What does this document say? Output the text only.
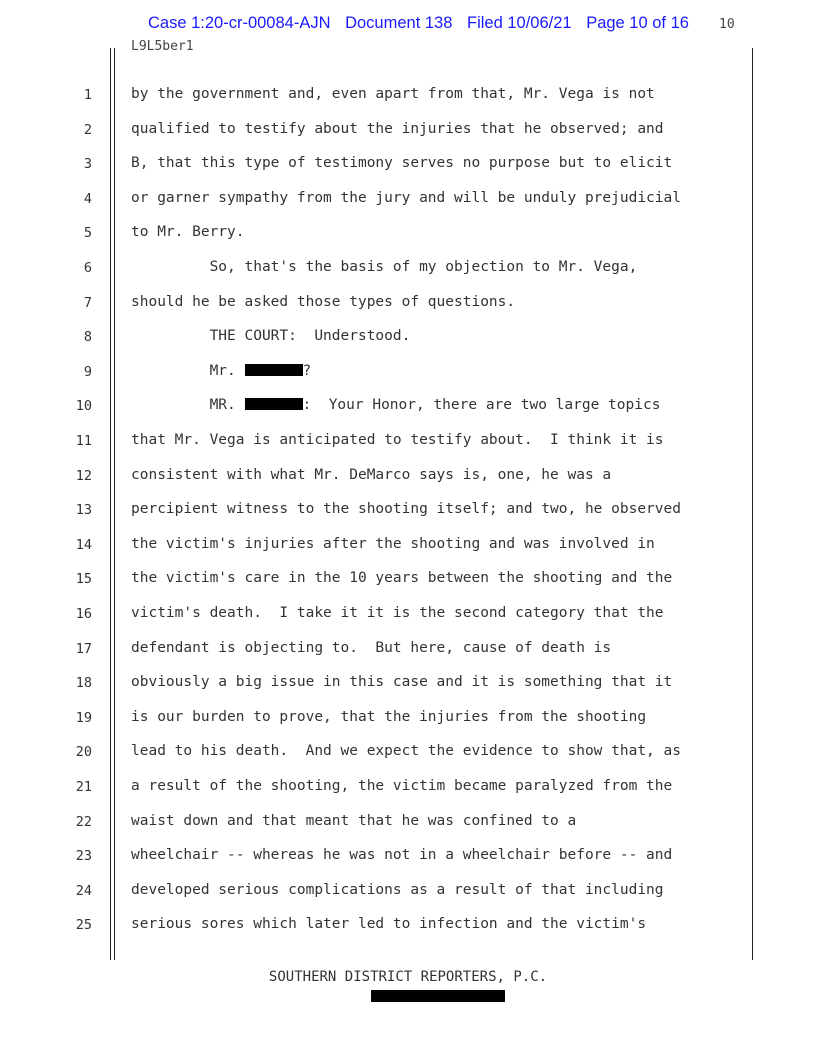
Case 1:20-cr-00084-AJN Document 138 Filed 10/06/21 Page 10 of 16	10
L9L5ber1
1	by the government and, even apart from that, Mr. Vega is not
2	qualified to testify about the injuries that he observed; and
3	B, that this type of testimony serves no purpose but to elicit
4	or garner sympathy from the jury and will be unduly prejudicial
5	to Mr. Berry.
6	So, that's the basis of my objection to Mr. Vega,
7	should he be asked those types of questions.
8	THE COURT:  Understood.
9	Mr.	?
10	MR.	:  Your Honor, there are two large topics
11	that Mr. Vega is anticipated to testify about.  I think it is
12	consistent with what Mr. DeMarco says is, one, he was a
13	percipient witness to the shooting itself; and two, he observed
14	the victim's injuries after the shooting and was involved in
15	the victim's care in the 10 years between the shooting and the
16	victim's death.  I take it it is the second category that the
17	defendant is objecting to.  But here, cause of death is
18	obviously a big issue in this case and it is something that it
19	is our burden to prove, that the injuries from the shooting
20	lead to his death.  And we expect the evidence to show that, as
21	a result of the shooting, the victim became paralyzed from the
22	waist down and that meant that he was confined to a
23	wheelchair -- whereas he was not in a wheelchair before -- and
24	developed serious complications as a result of that including
25	serious sores which later led to infection and the victim's
SOUTHERN DISTRICT REPORTERS, P.C.
